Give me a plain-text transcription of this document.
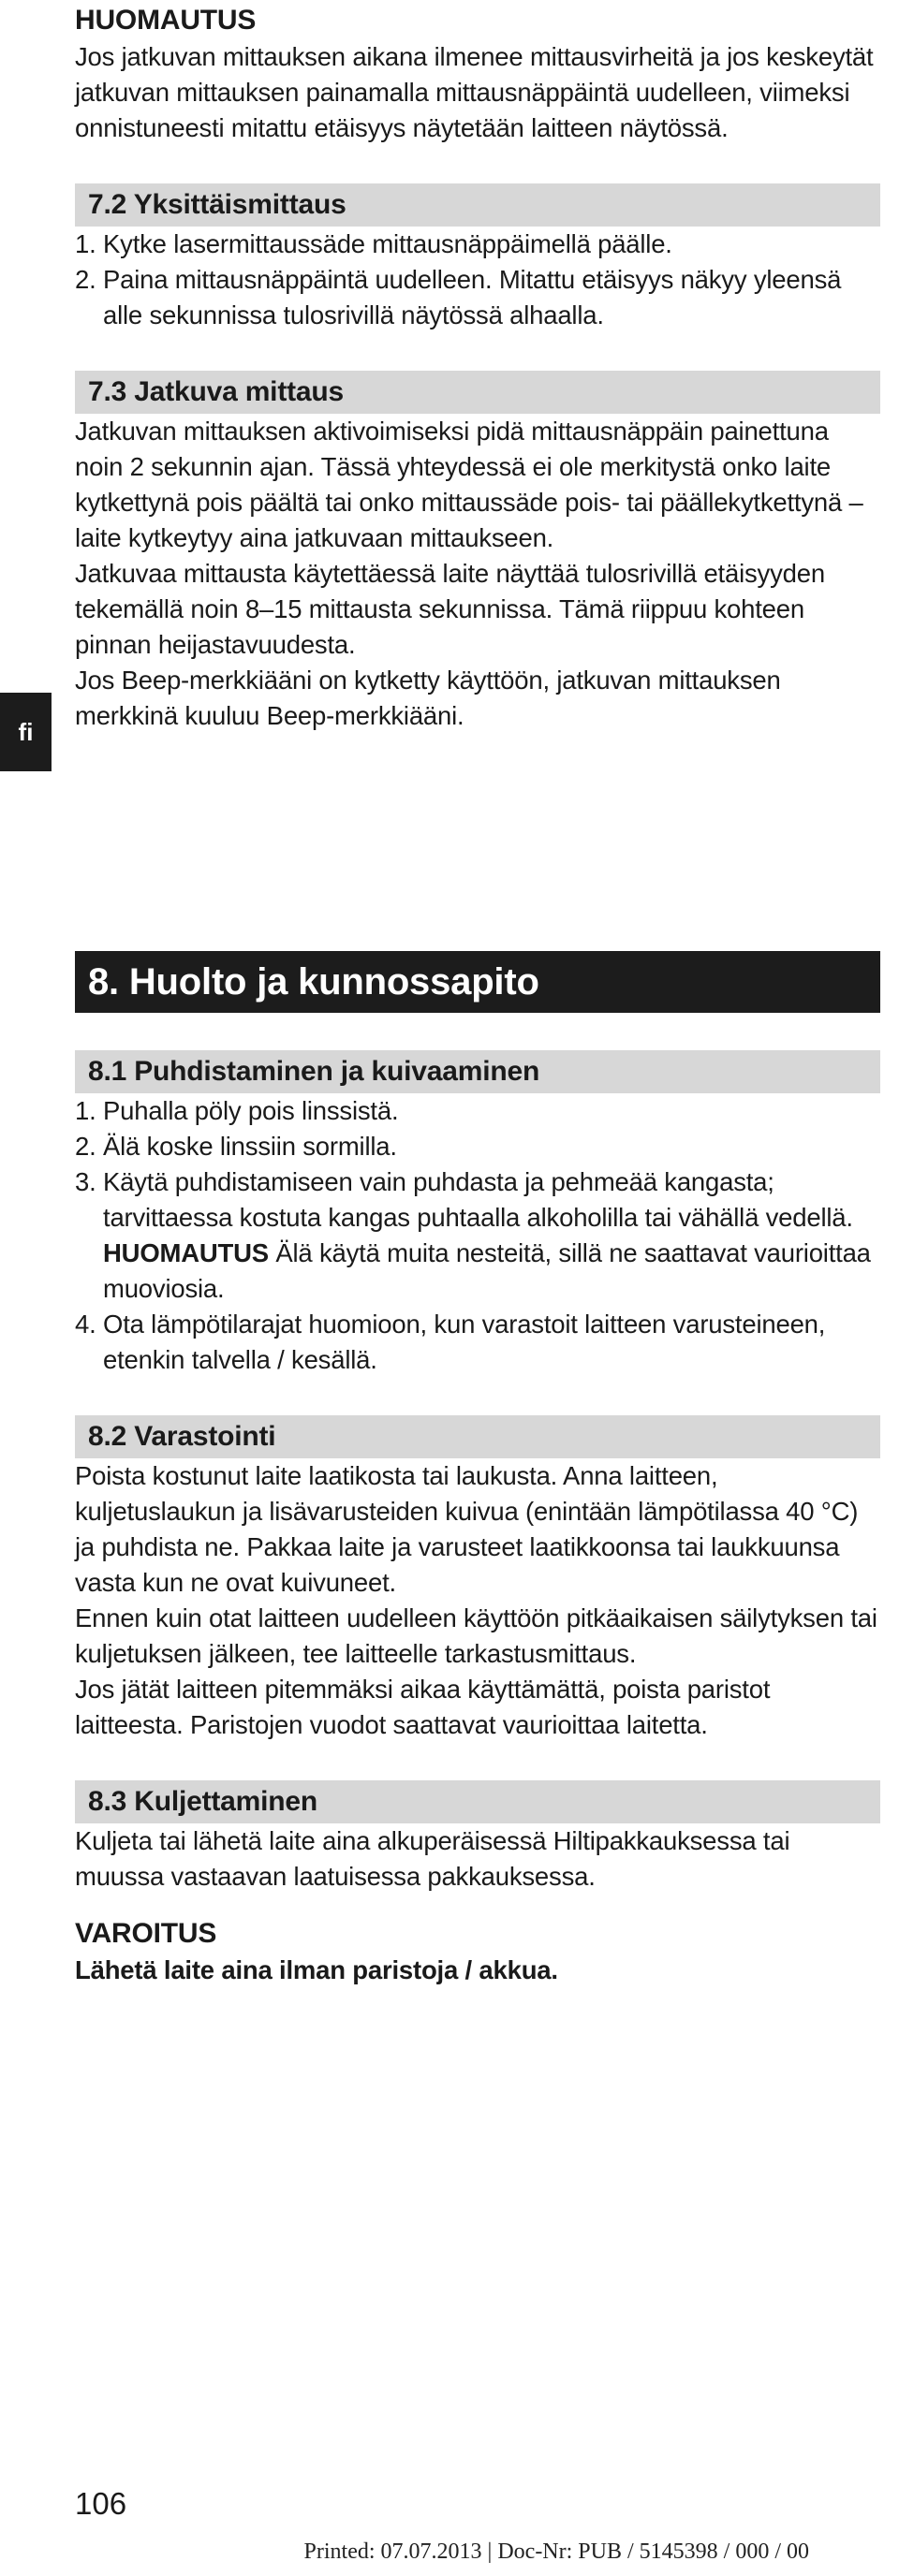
fi
HUOMAUTUS

Jos jatkuvan mittauksen aikana ilmenee mittausvirheitä ja jos keskeytät jatkuvan mittauksen painamalla mittausnäppäintä uudelleen, viimeksi onnistuneesti mitattu etäisyys näytetään laitteen näytössä.

7.2 Yksittäismittaus
1. Kytke lasermittaussäde mittausnäppäimellä päälle.
2. Paina mittausnäppäintä uudelleen. Mitattu etäisyys näkyy yleensä alle sekunnissa tulosrivillä näytössä alhaalla.
7.3 Jatkuva mittaus

Jatkuvan mittauksen aktivoimiseksi pidä mittausnäppäin painettuna noin 2 sekunnin ajan. Tässä yhteydessä ei ole merkitystä onko laite kytkettynä pois päältä tai onko mittaussäde pois- tai päällekytkettynä – laite kytkeytyy aina jatkuvaan mittaukseen.

Jatkuvaa mittausta käytettäessä laite näyttää tulosrivillä etäisyyden tekemällä noin 8–15 mittausta sekunnissa. Tämä riippuu kohteen pinnan heijastavuudesta.

Jos Beep-merkkiääni on kytketty käyttöön, jatkuvan mittauksen merkkinä kuuluu Beep-merkkiääni.

8. Huolto ja kunnossapito
8.1 Puhdistaminen ja kuivaaminen
1. Puhalla pöly pois linssistä.
2. Älä koske linssiin sormilla.
3. Käytä puhdistamiseen vain puhdasta ja pehmeää kangasta; tarvittaessa kostuta kangas puhtaalla alkoholilla tai vähällä vedellä.
HUOMAUTUS Älä käytä muita nesteitä, sillä ne saattavat vaurioittaa muoviosia.
4. Ota lämpötilarajat huomioon, kun varastoit laitteen varusteineen, etenkin talvella / kesällä.
8.2 Varastointi

Poista kostunut laite laatikosta tai laukusta. Anna laitteen, kuljetuslaukun ja lisävarusteiden kuivua (enintään lämpötilassa 40 °C) ja puhdista ne. Pakkaa laite ja varusteet laatikkoonsa tai laukkuunsa vasta kun ne ovat kuivuneet.

Ennen kuin otat laitteen uudelleen käyttöön pitkäaikaisen säilytyksen tai kuljetuksen jälkeen, tee laitteelle tarkastusmittaus.

Jos jätät laitteen pitemmäksi aikaa käyttämättä, poista paristot laitteesta. Paristojen vuodot saattavat vaurioittaa laitetta.

8.3 Kuljettaminen

Kuljeta tai lähetä laite aina alkuperäisessä Hiltipakkauksessa tai muussa vastaavan laatuisessa pakkauksessa.

VAROITUS

Lähetä laite aina ilman paristoja / akkua.

106
Printed: 07.07.2013 | Doc-Nr: PUB / 5145398 / 000 / 00
